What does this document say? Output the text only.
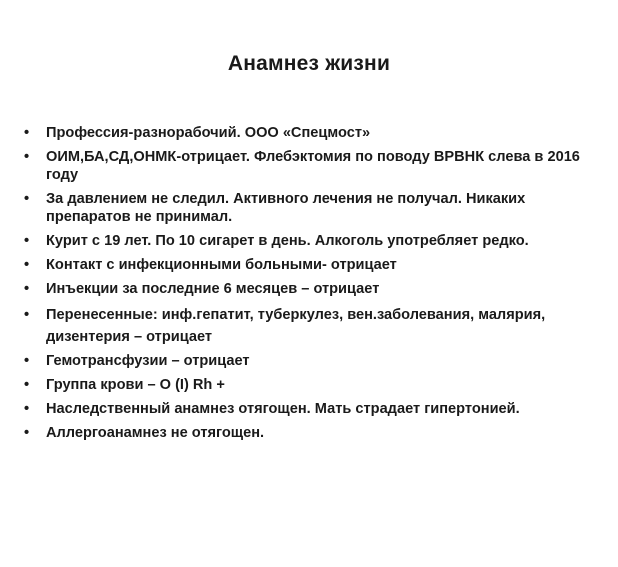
Анамнез жизни
• Профессия-разнорабочий. ООО «Спецмост»
• ОИМ,БА,СД,ОНМК-отрицает. Флебэктомия по поводу ВРВНК слева в 2016 году
• За давлением не следил. Активного лечения не получал. Никаких препаратов не принимал.
• Курит с 19 лет. По 10 сигарет в день. Алкоголь употребляет редко.
• Контакт с инфекционными больными- отрицает
• Инъекции за последние 6 месяцев – отрицает
• Перенесенные: инф.гепатит, туберкулез, вен.заболевания, малярия, дизентерия – отрицает
• Гемотрансфузии – отрицает
• Группа крови – О (I) Rh +
• Наследственный анамнез отягощен. Мать страдает гипертонией.
• Аллергоанамнез не отягощен.
